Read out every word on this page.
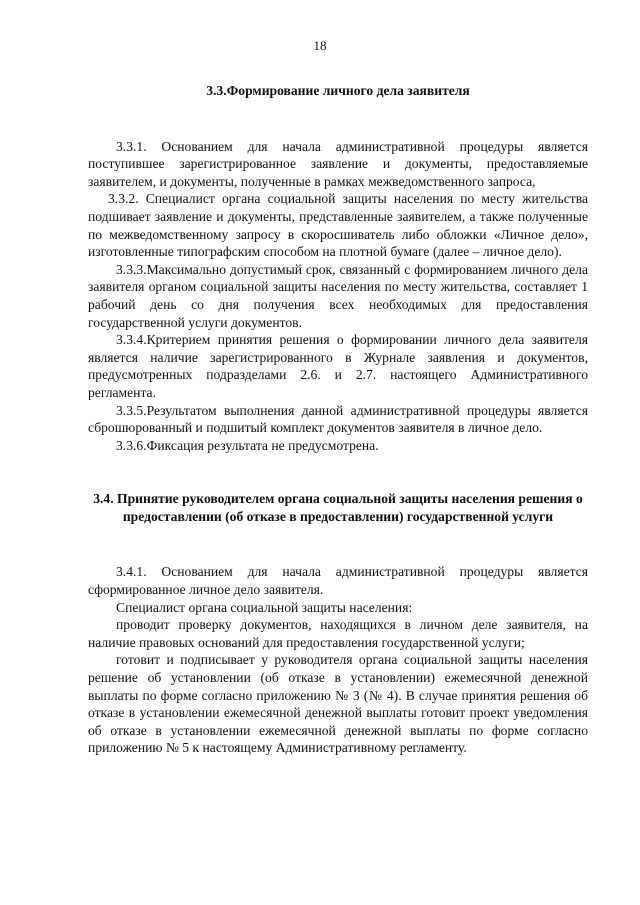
18
3.3.Формирование личного дела заявителя

3.3.1. Основанием для начала административной процедуры является поступившее зарегистрированное заявление и документы, предоставляемые заявителем, и документы, полученные в рамках межведомственного запроса,

3.3.2. Специалист органа социальной защиты населения по месту жительства подшивает заявление и документы, представленные заявителем, а также полученные по межведомственному запросу в скоросшиватель либо обложки «Личное дело», изготовленные типографским способом на плотной бумаге (далее – личное дело).

3.3.3.Максимально допустимый срок, связанный с формированием личного дела заявителя органом социальной защиты населения по месту жительства, составляет 1 рабочий день со дня получения всех необходимых для предоставления государственной услуги документов.

3.3.4.Критерием принятия решения о формировании личного дела заявителя является наличие зарегистрированного в Журнале заявления и документов, предусмотренных подразделами 2.6. и 2.7. настоящего Административного регламента.

3.3.5.Результатом выполнения данной административной процедуры является сброшюрованный и подшитый комплект документов заявителя в личное дело.

3.3.6.Фиксация результата не предусмотрена.

3.4. Принятие руководителем органа социальной защиты населения решения о предоставлении (об отказе в предоставлении) государственной услуги

3.4.1. Основанием для начала административной процедуры является сформированное личное дело заявителя.

Специалист органа социальной защиты населения:

проводит проверку документов, находящихся в личном деле заявителя, на наличие правовых оснований для предоставления государственной услуги;

готовит и подписывает у руководителя органа социальной защиты населения решение об установлении (об отказе в установлении) ежемесячной денежной выплаты по форме согласно приложению № 3 (№ 4). В случае принятия решения об отказе в установлении ежемесячной денежной выплаты готовит проект уведомления об отказе в установлении ежемесячной денежной выплаты по форме согласно приложению № 5 к настоящему Административному регламенту.
